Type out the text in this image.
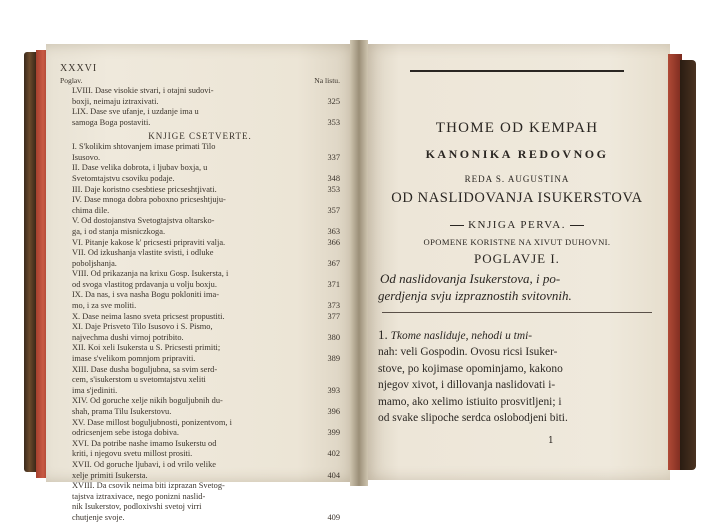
XXXVI
Poglav.	Na listu.
LVIII. Dase visokie stvari, i otajni sudovi-
boxji, neimaju iztraxivati.	325
LIX. Dase sve ufanje, i uzdanje ima u
samoga Boga postaviti.	353
KNJIGE CSETVERTE.
I. S'kolikim shtovanjem imase primati Tilo
Isusovo.	337
II. Dase velika dobrota, i ljubav boxja, u
Svetomtajstvu csoviku podaje.	348
III. Daje koristno csesbtiese pricseshtjivati.	353
IV. Dase mnoga dobra poboxno pricseshtjuju-
chima dile.	357
V. Od dostojanstva Svetogtajstva oltarsko-
ga, i od stanja misniczkoga.	363
VI. Pitanje kakose k' pricsesti pripraviti valja.	366
VII. Od izkushanja vlastite svisti, i odluke
poboljshanja.	367
VIII. Od prikazanja na krixu Gosp. Isukersta, i
od svoga vlastitog prdavanja u volju boxju.	371
IX. Da nas, i sva nasha Bogu pokloniti ima-
mo, i za sve moliti.	373
X. Dase neima lasno sveta pricsest propustiti.	377
XI. Daje Prisveto Tilo Isusovo i S. Pismo,
najvechma dushi virnoj potribito.	380
XII. Koi xeli Isukersta u S. Pricsesti primiti;
imase s'velikom pomnjom pripraviti.	389
XIII. Dase dusha boguljubna, sa svim serd-
cem, s'isukerstom u svetomtajstvu xeliti
ima s'jediniti.	393
XIV. Od goruche xelje nikih boguljubnih du-
shah, prama Tilu Isukerstovu.	396
XV. Dase millost boguljubnosti, ponizentvom, i
odricsenjem sebe istoga dobiva.	399
XVI. Da potribe nashe imamo Isukerstu od
kriti, i njegovu svetu millost prositi.	402
XVII. Od goruche ljubavi, i od vrilo velike
xelje primiti Isukersta.	404
XVIII. Da csovik neima biti izprazan Svetog-
tajstva iztraxivace, nego ponizni naslid-
nik Isukerstov, podloxivshi svetoj virri
chutjenje svoje.	409
THOME OD KEMPAH
KANONIKA REDOVNOG
REDA S. AUGUSTINA
OD NASLIDOVANJA ISUKERSTOVA
KNJIGA PERVA.
OPOMENE KORISTNE NA XIVUT DUHOVNI.
POGLAVJE I.
Od naslidovanja Isukerstova, i po-
gerdjenja svju izpraznostih svitovnih.
1. Tkome nasliduje, nehodi u tmi-
nah: veli Gospodin. Ovosu ricsi Isuker-
stove, po kojimase opominjamo, kakono
njegov xivot, i dillovanja naslidovati i-
mamo, ako xelimo istiuito prosvitljeni; i
od svake slipoche serdca oslobodjeni biti.
1
